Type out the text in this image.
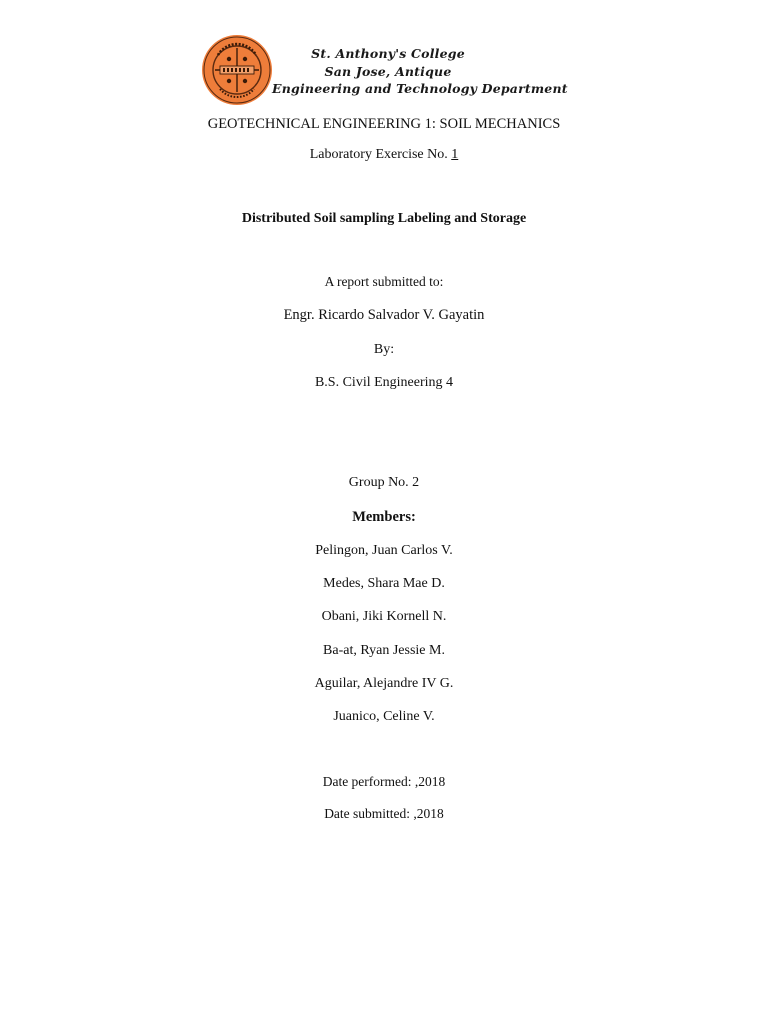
St. Anthony's College
San Jose, Antique
Engineering and Technology Department
GEOTECHNICAL ENGINEERING 1: SOIL MECHANICS
Laboratory Exercise No. 1
Distributed Soil sampling Labeling and Storage
A report submitted to:
Engr. Ricardo Salvador V. Gayatin
By:
B.S. Civil Engineering 4
Group No. 2
Members:
Pelingon, Juan Carlos V.
Medes, Shara Mae D.
Obani, Jiki Kornell N.
Ba-at, Ryan Jessie M.
Aguilar, Alejandre IV G.
Juanico, Celine V.
Date performed: ,2018
Date submitted: ,2018
